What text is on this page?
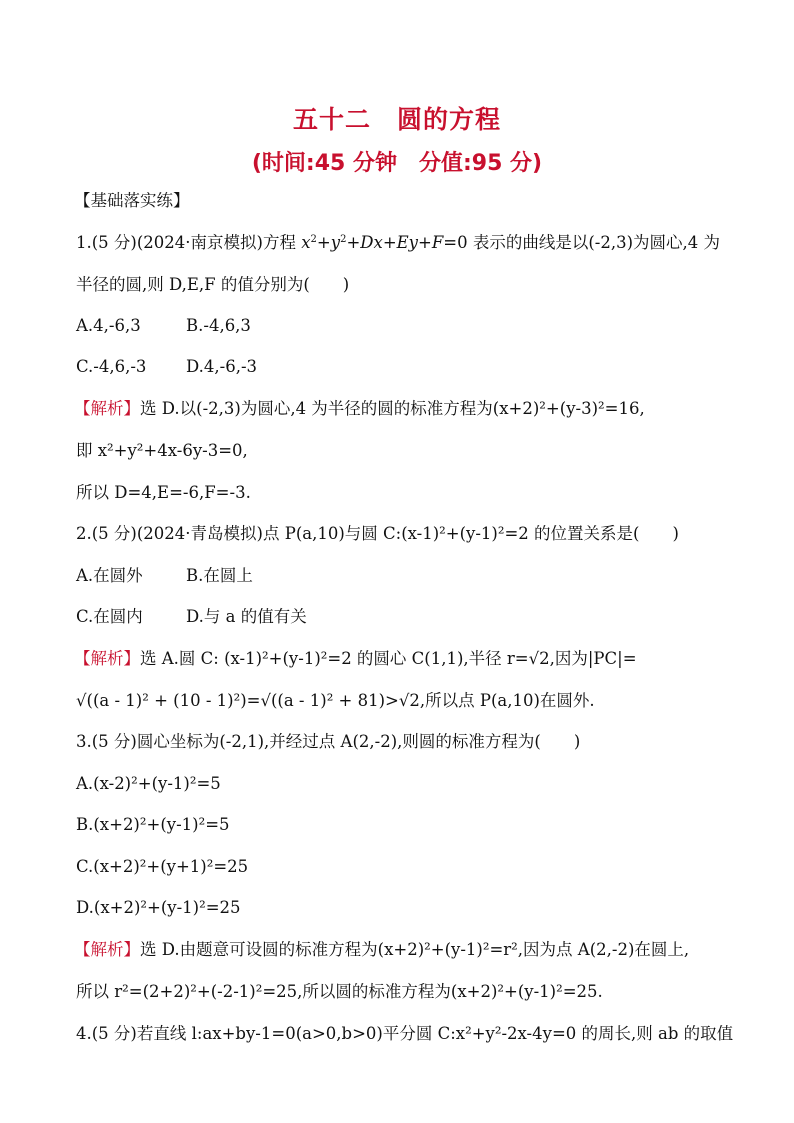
五十二　圆的方程
(时间:45 分钟　分值:95 分)
【基础落实练】
1.(5 分)(2024·南京模拟)方程 $x^2+y^2+Dx+Ey+F=0$ 表示的曲线是以(-2,3)为圆心,4 为
半径的圆,则 D,E,F 的值分别为(　　)
A.4,-6,3	B.-4,6,3
C.-4,6,-3 D.4,-6,-3
【解析】选 D.以(-2,3)为圆心,4 为半径的圆的标准方程为(x+2)²+(y-3)²=16,
即 x²+y²+4x-6y-3=0,
所以 D=4,E=-6,F=-3.
2.(5 分)(2024·青岛模拟)点 P(a,10)与圆 C:(x-1)²+(y-1)²=2 的位置关系是(　　)
A.在圆外	B.在圆上
C.在圆内	D.与 a 的值有关
【解析】选 A.圆 C: (x-1)²+(y-1)²=2 的圆心 C(1,1),半径 r=√2,因为|PC|=
√((a - 1)² + (10 - 1)²)=√((a - 1)² + 81)>√2,所以点 P(a,10)在圆外.
3.(5 分)圆心坐标为(-2,1),并经过点 A(2,-2),则圆的标准方程为(　　)
A.(x-2)²+(y-1)²=5
B.(x+2)²+(y-1)²=5
C.(x+2)²+(y+1)²=25
D.(x+2)²+(y-1)²=25
【解析】选 D.由题意可设圆的标准方程为(x+2)²+(y-1)²=r²,因为点 A(2,-2)在圆上,
所以 r²=(2+2)²+(-2-1)²=25,所以圆的标准方程为(x+2)²+(y-1)²=25.
4.(5 分)若直线 l:ax+by-1=0(a>0,b>0)平分圆 C:x²+y²-2x-4y=0 的周长,则 ab 的取值
